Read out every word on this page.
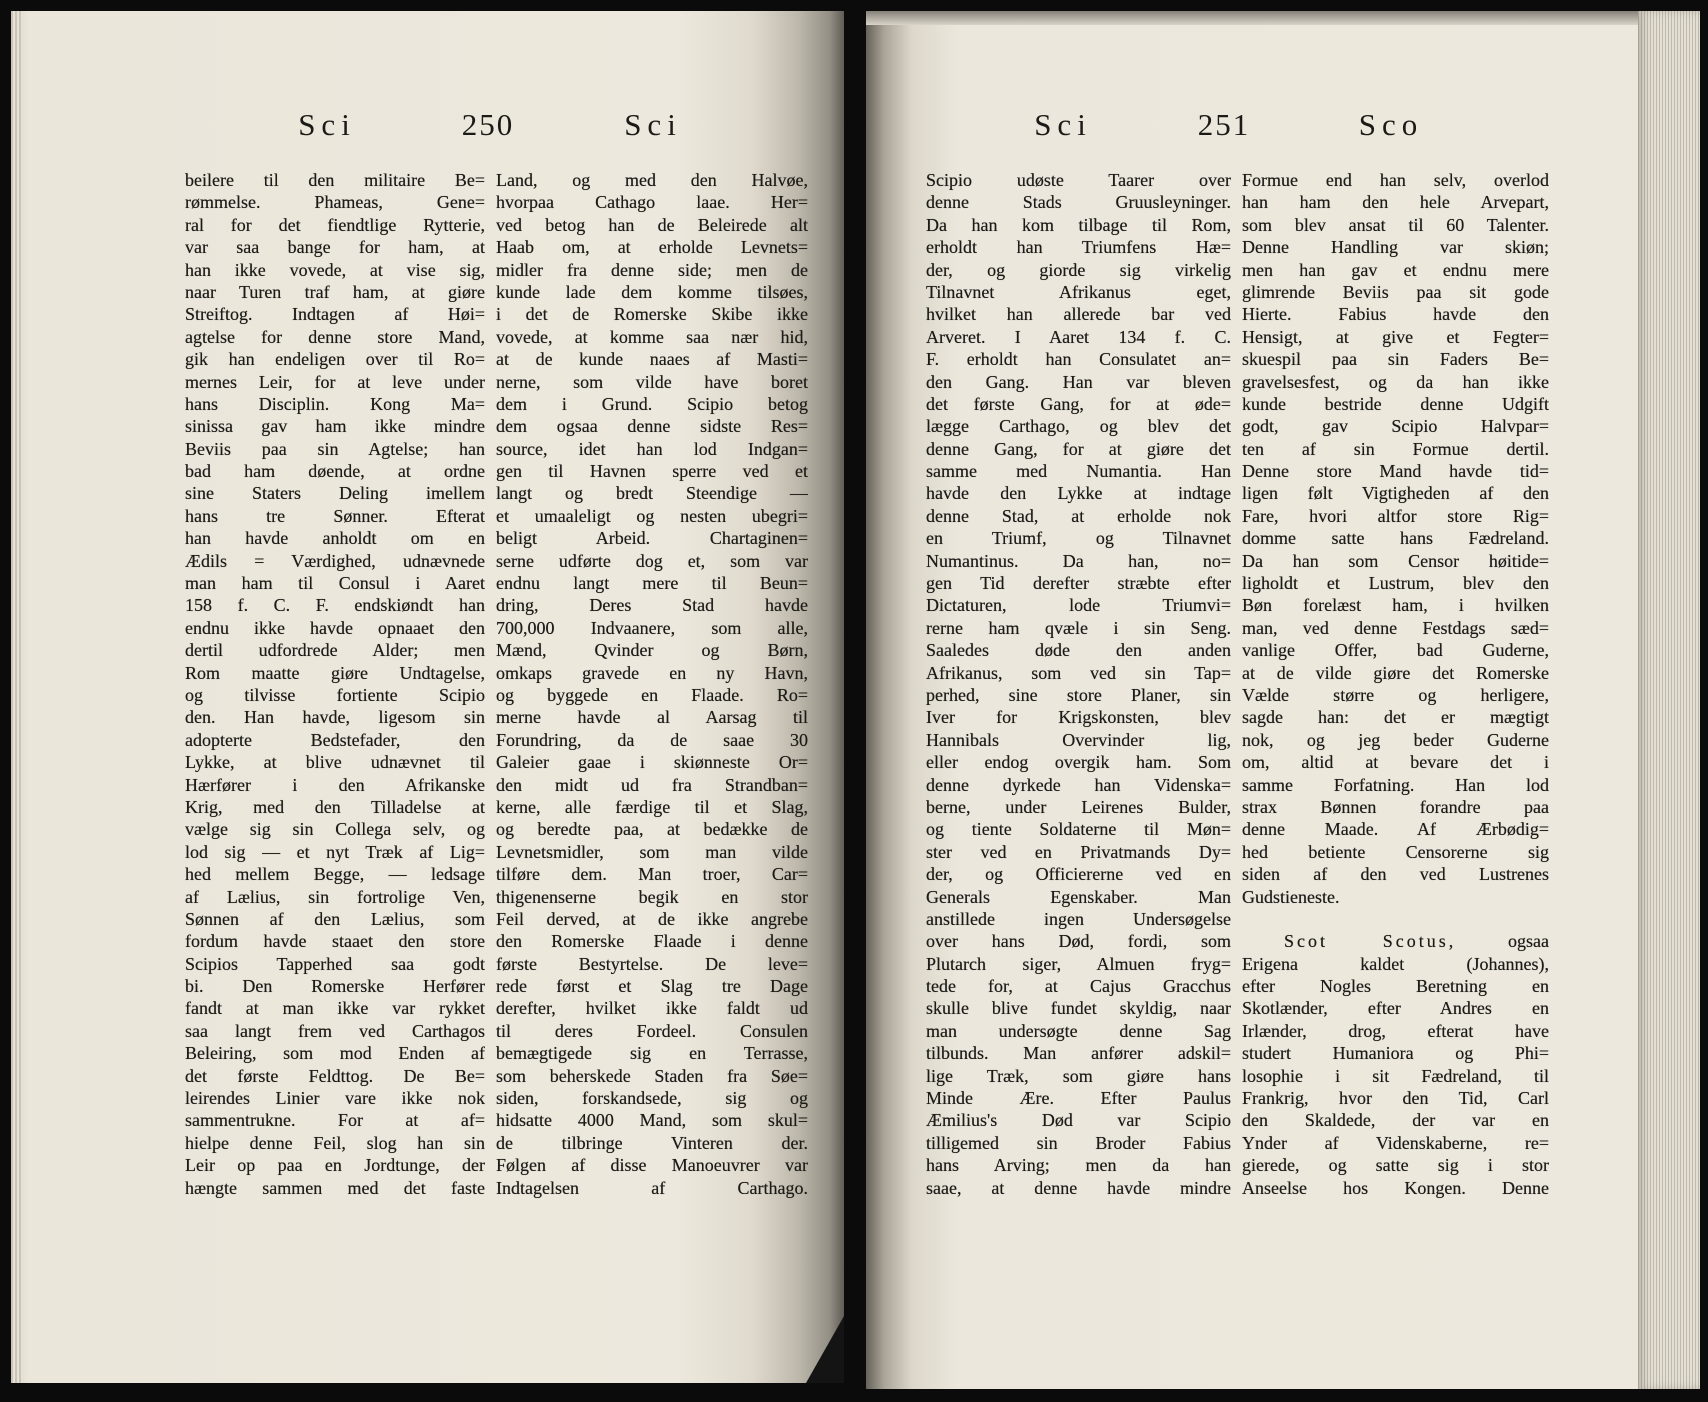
Sci	250	Sci
beilere til den militaire Be=
rømmelse. Phameas, Gene=
ral for det fiendtlige Rytterie,
var saa bange for ham, at
han ikke vovede, at vise sig,
naar Turen traf ham, at giøre
Streiftog. Indtagen af Høi=
agtelse for denne store Mand,
gik han endeligen over til Ro=
mernes Leir, for at leve under
hans Disciplin. Kong Ma=
sinissa gav ham ikke mindre
Beviis paa sin Agtelse; han
bad ham døende, at ordne
sine Staters Deling imellem
hans tre Sønner. Efterat
han havde anholdt om en
Ædils = Værdighed, udnævnede
man ham til Consul i Aaret
158 f. C. F. endskiøndt han
endnu ikke havde opnaaet den
dertil udfordrede Alder; men
Rom maatte giøre Undtagelse,
og tilvisse fortiente Scipio
den. Han havde, ligesom sin
adopterte Bedstefader, den
Lykke, at blive udnævnet til
Hærfører i den Afrikanske
Krig, med den Tilladelse at
vælge sig sin Collega selv, og
lod sig — et nyt Træk af Lig=
hed mellem Begge, — ledsage
af Lælius, sin fortrolige Ven,
Sønnen af den Lælius, som
fordum havde staaet den store
Scipios Tapperhed saa godt
bi. Den Romerske Herfører
fandt at man ikke var rykket
saa langt frem ved Carthagos
Beleiring, som mod Enden af
det første Feldttog. De Be=
leirendes Linier vare ikke nok
sammentrukne. For at af=
hielpe denne Feil, slog han sin
Leir op paa en Jordtunge, der
hængte sammen med det faste
Land, og med den Halvøe,
hvorpaa Cathago laae. Her=
ved betog han de Beleirede alt
Haab om, at erholde Levnets=
midler fra denne side; men de
kunde lade dem komme tilsøes,
i det de Romerske Skibe ikke
vovede, at komme saa nær hid,
at de kunde naaes af Masti=
nerne, som vilde have boret
dem i Grund. Scipio betog
dem ogsaa denne sidste Res=
source, idet han lod Indgan=
gen til Havnen sperre ved et
langt og bredt Steendige —
et umaaleligt og nesten ubegri=
beligt Arbeid. Chartaginen=
serne udførte dog et, som var
endnu langt mere til Beun=
dring, Deres Stad havde
700,000 Indvaanere, som alle,
Mænd, Qvinder og Børn,
omkaps gravede en ny Havn,
og byggede en Flaade. Ro=
merne havde al Aarsag til
Forundring, da de saae 30
Galeier gaae i skiønneste Or=
den midt ud fra Strandban=
kerne, alle færdige til et Slag,
og beredte paa, at bedække de
Levnetsmidler, som man vilde
tilføre dem. Man troer, Car=
thigenenserne begik en stor
Feil derved, at de ikke angrebe
den Romerske Flaade i denne
første Bestyrtelse. De leve=
rede først et Slag tre Dage
derefter, hvilket ikke faldt ud
til deres Fordeel. Consulen
bemægtigede sig en Terrasse,
som beherskede Staden fra Søe=
siden, forskandsede, sig og
hidsatte 4000 Mand, som skul=
de tilbringe Vinteren der.
Følgen af disse Manoeuvrer var
Indtagelsen af Carthago.
Sci	251	Sco
Scipio udøste Taarer over
denne Stads Gruusleyninger.
Da han kom tilbage til Rom,
erholdt han Triumfens Hæ=
der, og giorde sig virkelig
Tilnavnet Afrikanus eget,
hvilket han allerede bar ved
Arveret. I Aaret 134 f. C.
F. erholdt han Consulatet an=
den Gang. Han var bleven
det første Gang, for at øde=
lægge Carthago, og blev det
denne Gang, for at giøre det
samme med Numantia. Han
havde den Lykke at indtage
denne Stad, at erholde nok
en Triumf, og Tilnavnet
Numantinus. Da han, no=
gen Tid derefter stræbte efter
Dictaturen, lode Triumvi=
rerne ham qvæle i sin Seng.
Saaledes døde den anden
Afrikanus, som ved sin Tap=
perhed, sine store Planer, sin
Iver for Krigskonsten, blev
Hannibals Overvinder lig,
eller endog overgik ham. Som
denne dyrkede han Videnska=
berne, under Leirenes Bulder,
og tiente Soldaterne til Møn=
ster ved en Privatmands Dy=
der, og Officiererne ved en
Generals Egenskaber. Man
anstillede ingen Undersøgelse
over hans Død, fordi, som
Plutarch siger, Almuen fryg=
tede for, at Cajus Gracchus
skulle blive fundet skyldig, naar
man undersøgte denne Sag
tilbunds. Man anfører adskil=
lige Træk, som giøre hans
Minde Ære. Efter Paulus
Æmilius's Død var Scipio
tilligemed sin Broder Fabius
hans Arving; men da han
saae, at denne havde mindre
Formue end han selv, overlod
han ham den hele Arvepart,
som blev ansat til 60 Talenter.
Denne Handling var skiøn;
men han gav et endnu mere
glimrende Beviis paa sit gode
Hierte. Fabius havde den
Hensigt, at give et Fegter=
skuespil paa sin Faders Be=
gravelsesfest, og da han ikke
kunde bestride denne Udgift
godt, gav Scipio Halvpar=
ten af sin Formue dertil.
Denne store Mand havde tid=
ligen følt Vigtigheden af den
Fare, hvori altfor store Rig=
domme satte hans Fædreland.
Da han som Censor høitide=
ligholdt et Lustrum, blev den
Bøn forelæst ham, i hvilken
man, ved denne Festdags sæd=
vanlige Offer, bad Guderne,
at de vilde giøre det Romerske
Vælde større og herligere,
sagde han: det er mægtigt
nok, og jeg beder Guderne
om, altid at bevare det i
samme Forfatning. Han lod
strax Bønnen forandre paa
denne Maade. Af Ærbødig=
hed betiente Censorerne sig
siden af den ved Lustrenes
Gudstieneste.
Scot Scotus,	ogsaa
Erigena kaldet (Johannes),
efter Nogles Beretning en
Skotlænder, efter Andres en
Irlænder, drog, efterat have
studert Humaniora og Phi=
losophie i sit Fædreland, til
Frankrig, hvor den Tid, Carl
den Skaldede, der var en
Ynder af Videnskaberne, re=
gierede, og satte sig i stor
Anseelse hos Kongen. Denne
